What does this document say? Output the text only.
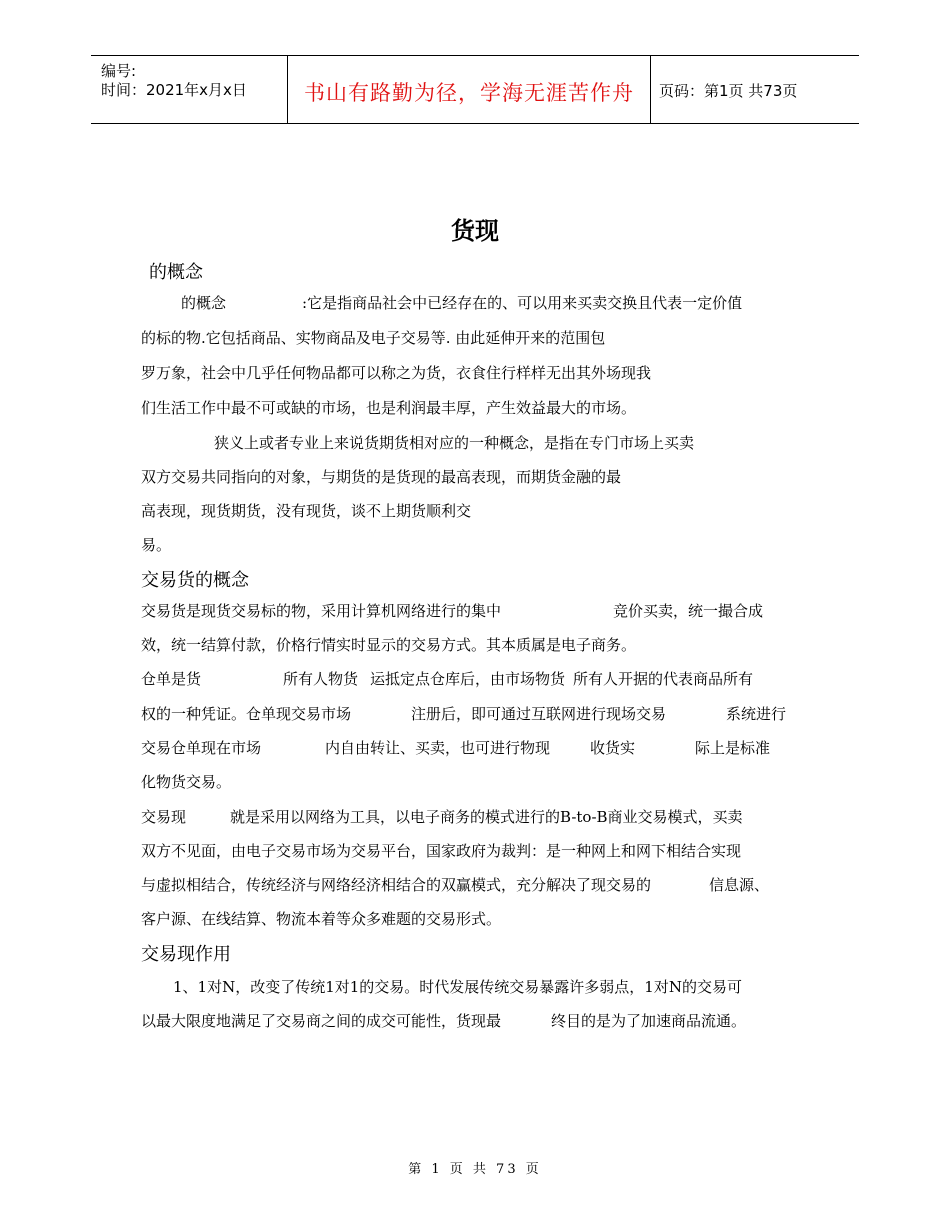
编号:
时间：2021年x月x日	书山有路勤为径，学海无涯苦作舟	页码：第1页 共73页
货现
的概念
的概念	:它是指商品社会中已经存在的、可以用来买卖交换且代表一定价值
的标的物.它包括商品、实物商品及电子交易等. 由此延伸开来的范围包
罗万象，社会中几乎任何物品都可以称之为货，衣食住行样样无出其外场现我
们生活工作中最不可或缺的市场，也是利润最丰厚，产生效益最大的市场。
狭义上或者专业上来说货期货相对应的一种概念，是指在专门市场上买卖
双方交易共同指向的对象，与期货的是货现的最高表现，而期货金融的最
高表现，现货期货，没有现货，谈不上期货顺利交
易。
交易货的概念
交易货是现货交易标的物，采用计算机网络进行的集中	竞价买卖，统一撮合成
效，统一结算付款，价格行情实时显示的交易方式。其本质属是电子商务。
仓单是货	所有人物货 运抵定点仓库后，由市场物货 所有人开据的代表商品所有
权的一种凭证。仓单现交易市场	注册后，即可通过互联网进行现场交易	系统进行
交易仓单现在市场	内自由转让、买卖，也可进行物现	收货实	际上是标准
化物货交易。
交易现	就是采用以网络为工具，以电子商务的模式进行的B-to-B商业交易模式，买卖
双方不见面，由电子交易市场为交易平台，国家政府为裁判：是一种网上和网下相结合实现
与虚拟相结合，传统经济与网络经济相结合的双赢模式，充分解决了现交易的	信息源、
客户源、在线结算、物流本着等众多难题的交易形式。
交易现作用
1、1对N，改变了传统1对1的交易。时代发展传统交易暴露许多弱点，1对N的交易可
以最大限度地满足了交易商之间的成交可能性，货现最	终目的是为了加速商品流通。
第 1 页 共 73 页
